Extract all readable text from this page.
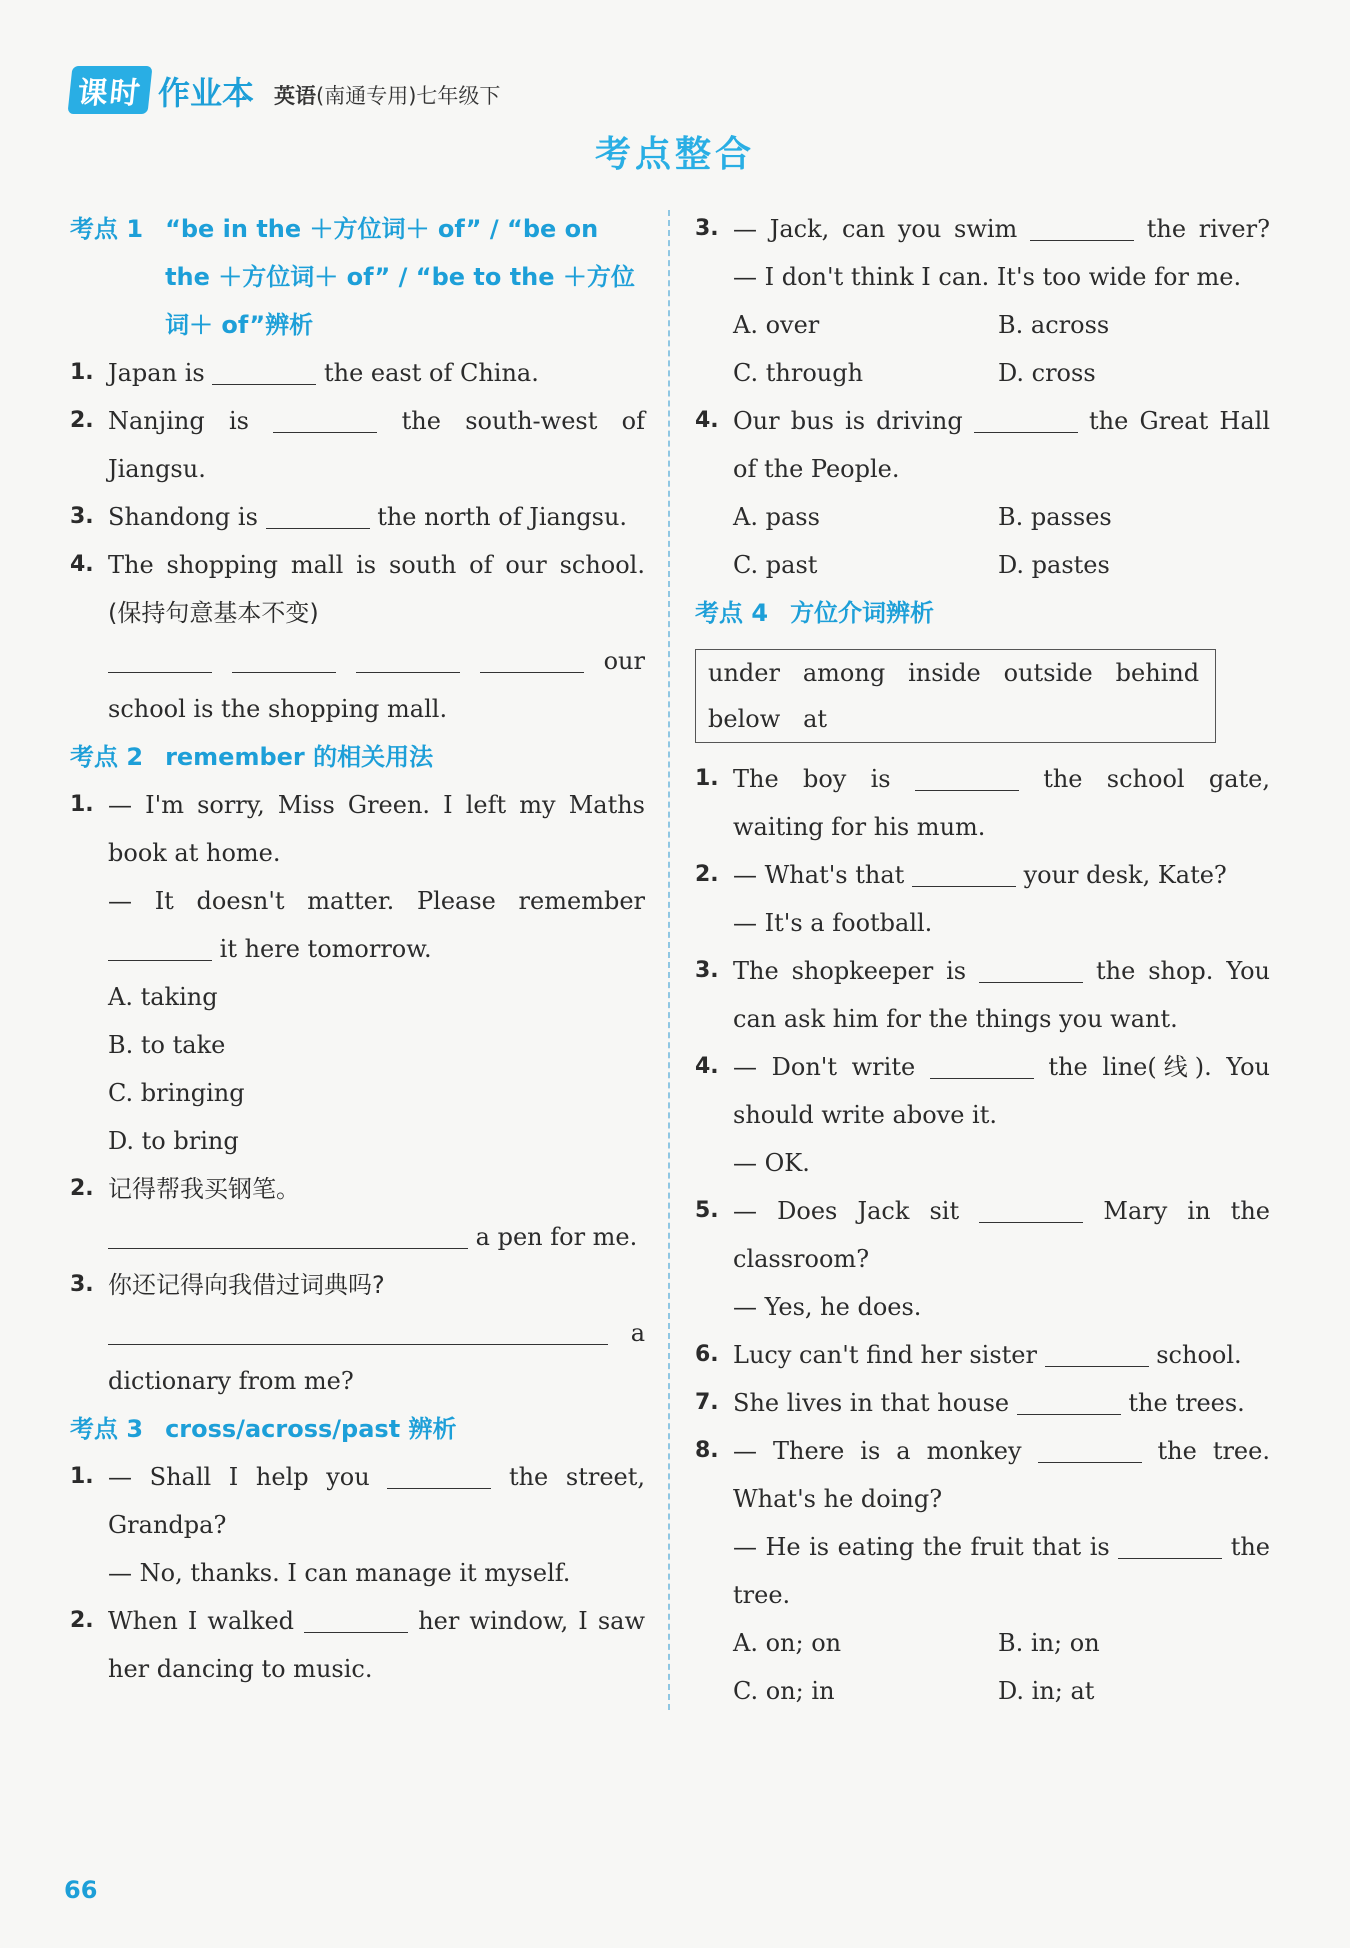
课时 作业本 英语(南通专用)七年级下
考点整合
考点 1 “be in the ＋方位词＋ of” / “be on the ＋方位词＋ of” / “be to the ＋方位词＋ of”辨析
1. Japan is	the east of China.
2. Nanjing is	the south-west of
Jiangsu.
3. Shandong is	the north of Jiangsu.
4. The shopping mall is south of our school.
(保持句意基本不变)
our
school is the shopping mall.
考点 2 remember 的相关用法
1. — I'm sorry, Miss Green. I left my Maths
book at home.
— It doesn't matter. Please remember
it here tomorrow.
A. taking
B. to take
C. bringing
D. to bring
2. 记得帮我买钢笔。
a pen for me.
3. 你还记得向我借过词典吗?
a
dictionary from me?
考点 3 cross/across/past 辨析
1. — Shall I help you	the street,
Grandpa?
— No, thanks. I can manage it myself.
2. When I walked	her window, I saw
her dancing to music.
3. — Jack, can you swim	the river?
— I don't think I can. It's too wide for me.
A. over	B. across
C. through	D. cross
4. Our bus is driving	the Great Hall
of the People.
A. pass	B. passes
C. past	D. pastes
考点 4 方位介词辨析
under   among   inside   outside   behind
below   at
1. The boy is	the school gate,
waiting for his mum.
2. — What's that	your desk, Kate?
— It's a football.
3. The shopkeeper is	the shop. You
can ask him for the things you want.
4. — Don't write	the line(线). You
should write above it.
— OK.
5. — Does Jack sit	Mary in the
classroom?
— Yes, he does.
6. Lucy can't find her sister	school.
7. She lives in that house	the trees.
8. — There is a monkey	the tree.
What's he doing?
— He is eating the fruit that is	the
tree.
A. on; on	B. in; on
C. on; in	D. in; at
66
